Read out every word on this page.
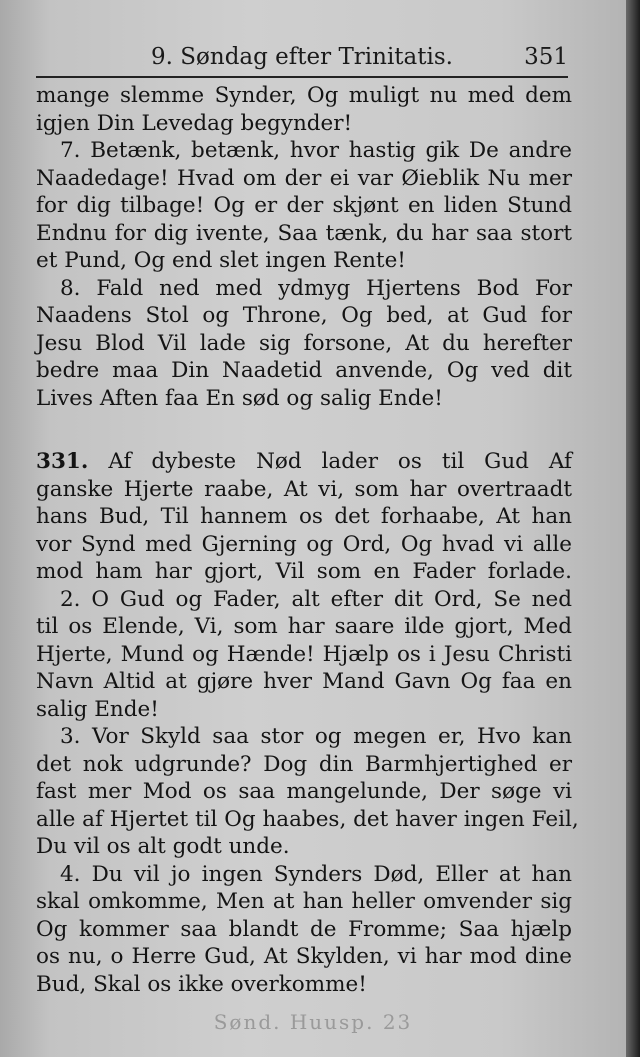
9. Søndag efter Trinitatis.	351
mange slemme Synder, Og muligt nu med dem
igjen Din Levedag begynder!
7. Betænk, betænk, hvor hastig gik De andre
Naadedage! Hvad om der ei var Øieblik Nu mer
for dig tilbage! Og er der skjønt en liden Stund
Endnu for dig ivente, Saa tænk, du har saa stort
et Pund, Og end slet ingen Rente!
8. Fald ned med ydmyg Hjertens Bod For
Naadens Stol og Throne, Og bed, at Gud for
Jesu Blod Vil lade sig forsone, At du herefter
bedre maa Din Naadetid anvende, Og ved dit
Lives Aften faa En sød og salig Ende!
331. Af dybeste Nød lader os til Gud Af
ganske Hjerte raabe, At vi, som har overtraadt
hans Bud, Til hannem os det forhaabe, At han
vor Synd med Gjerning og Ord, Og hvad vi alle
mod ham har gjort, Vil som en Fader forlade.
2. O Gud og Fader, alt efter dit Ord, Se ned
til os Elende, Vi, som har saare ilde gjort, Med
Hjerte, Mund og Hænde! Hjælp os i Jesu Christi
Navn Altid at gjøre hver Mand Gavn Og faa en
salig Ende!
3. Vor Skyld saa stor og megen er, Hvo kan
det nok udgrunde? Dog din Barmhjertighed er
fast mer Mod os saa mangelunde, Der søge vi
alle af Hjertet til Og haabes, det haver ingen Feil,
Du vil os alt godt unde.
4. Du vil jo ingen Synders Død, Eller at han
skal omkomme, Men at han heller omvender sig
Og kommer saa blandt de Fromme; Saa hjælp
os nu, o Herre Gud, At Skylden, vi har mod dine
Bud, Skal os ikke overkomme!
Sønd. Huusp. 23
